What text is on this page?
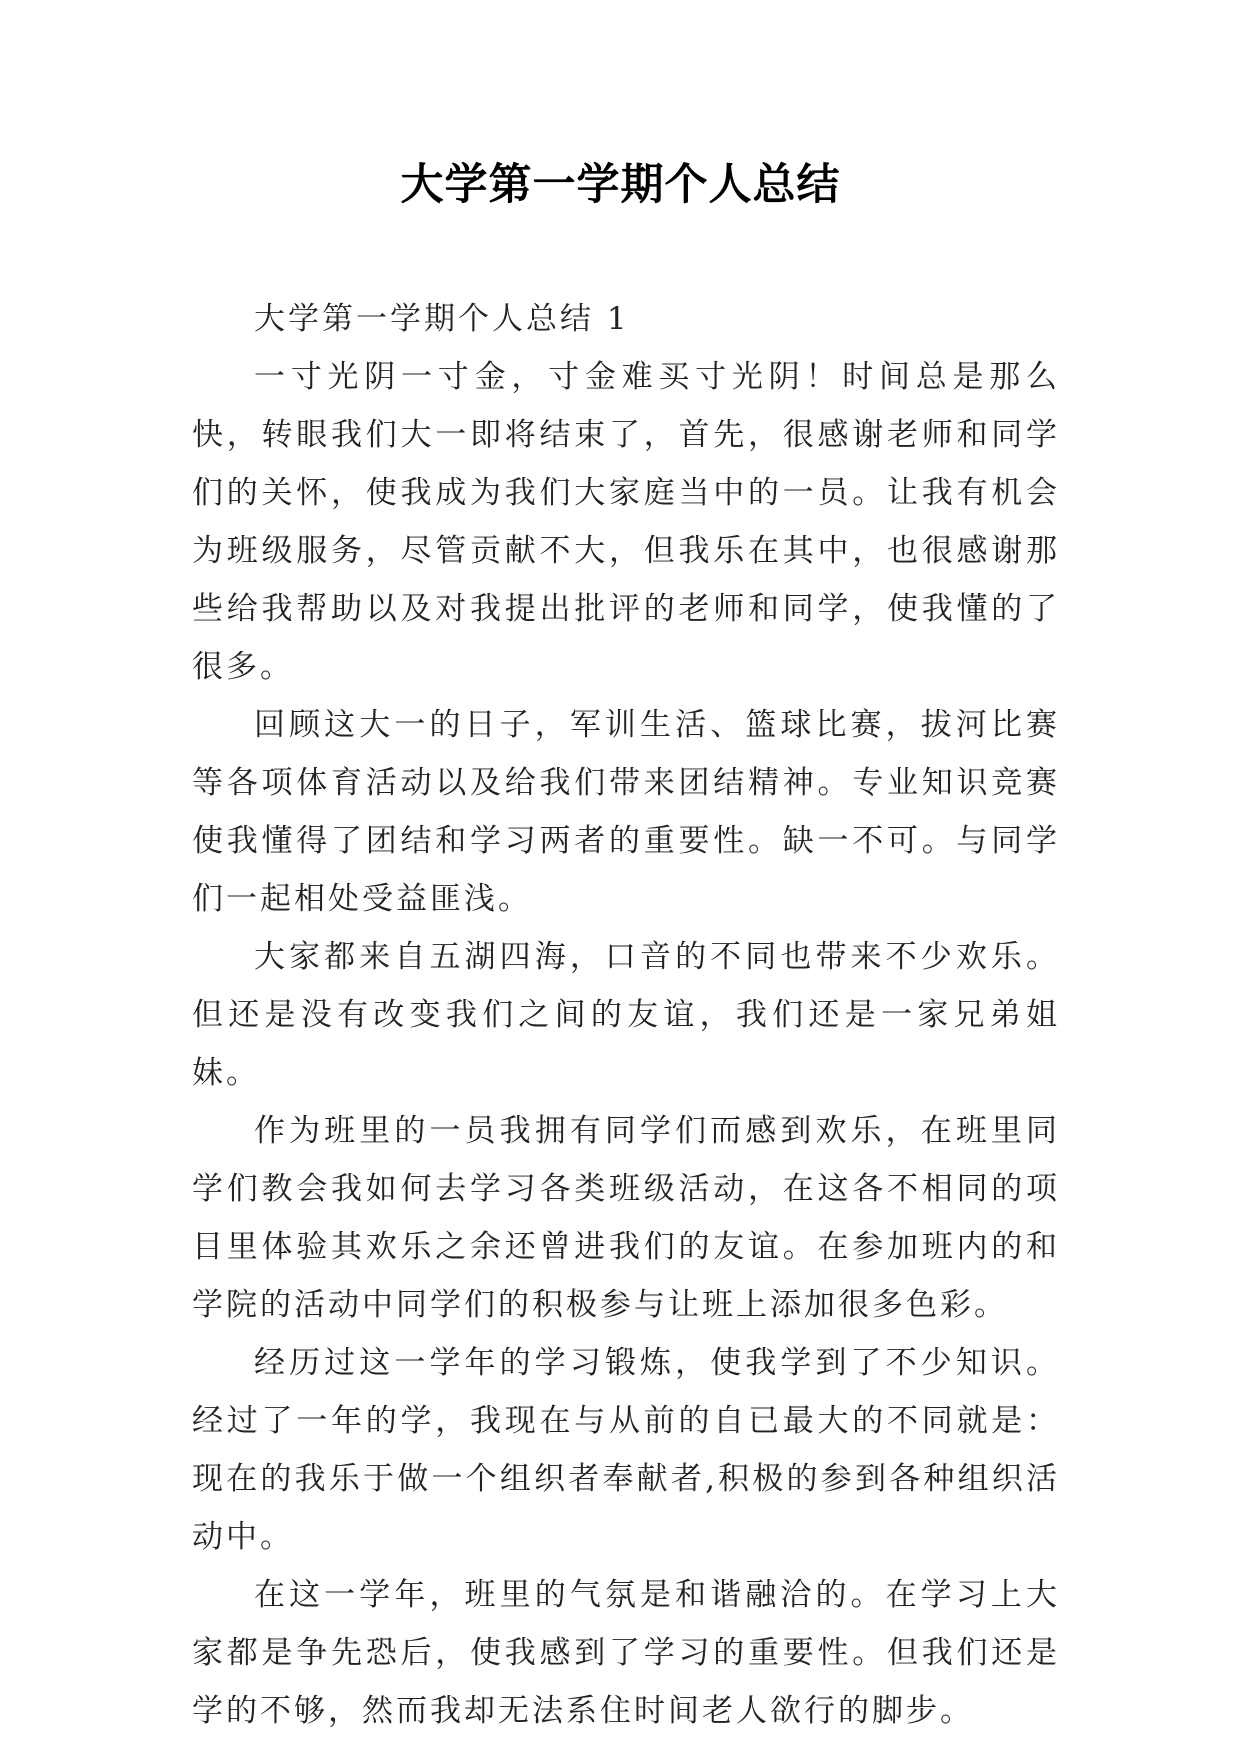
大学第一学期个人总结

大学第一学期个人总结 1

一寸光阴一寸金，寸金难买寸光阴！时间总是那么快，转眼我们大一即将结束了，首先，很感谢老师和同学们的关怀，使我成为我们大家庭当中的一员。让我有机会为班级服务，尽管贡献不大，但我乐在其中，也很感谢那些给我帮助以及对我提出批评的老师和同学，使我懂的了很多。

回顾这大一的日子，军训生活、篮球比赛，拔河比赛等各项体育活动以及给我们带来团结精神。专业知识竞赛使我懂得了团结和学习两者的重要性。缺一不可。与同学们一起相处受益匪浅。

大家都来自五湖四海，口音的不同也带来不少欢乐。但还是没有改变我们之间的友谊，我们还是一家兄弟姐妹。

作为班里的一员我拥有同学们而感到欢乐，在班里同学们教会我如何去学习各类班级活动，在这各不相同的项目里体验其欢乐之余还曾进我们的友谊。在参加班内的和学院的活动中同学们的积极参与让班上添加很多色彩。

经历过这一学年的学习锻炼，使我学到了不少知识。经过了一年的学，我现在与从前的自已最大的不同就是：现在的我乐于做一个组织者奉献者,积极的参到各种组织活动中。

在这一学年，班里的气氛是和谐融洽的。在学习上大家都是争先恐后，使我感到了学习的重要性。但我们还是学的不够，然而我却无法系住时间老人欲行的脚步。
